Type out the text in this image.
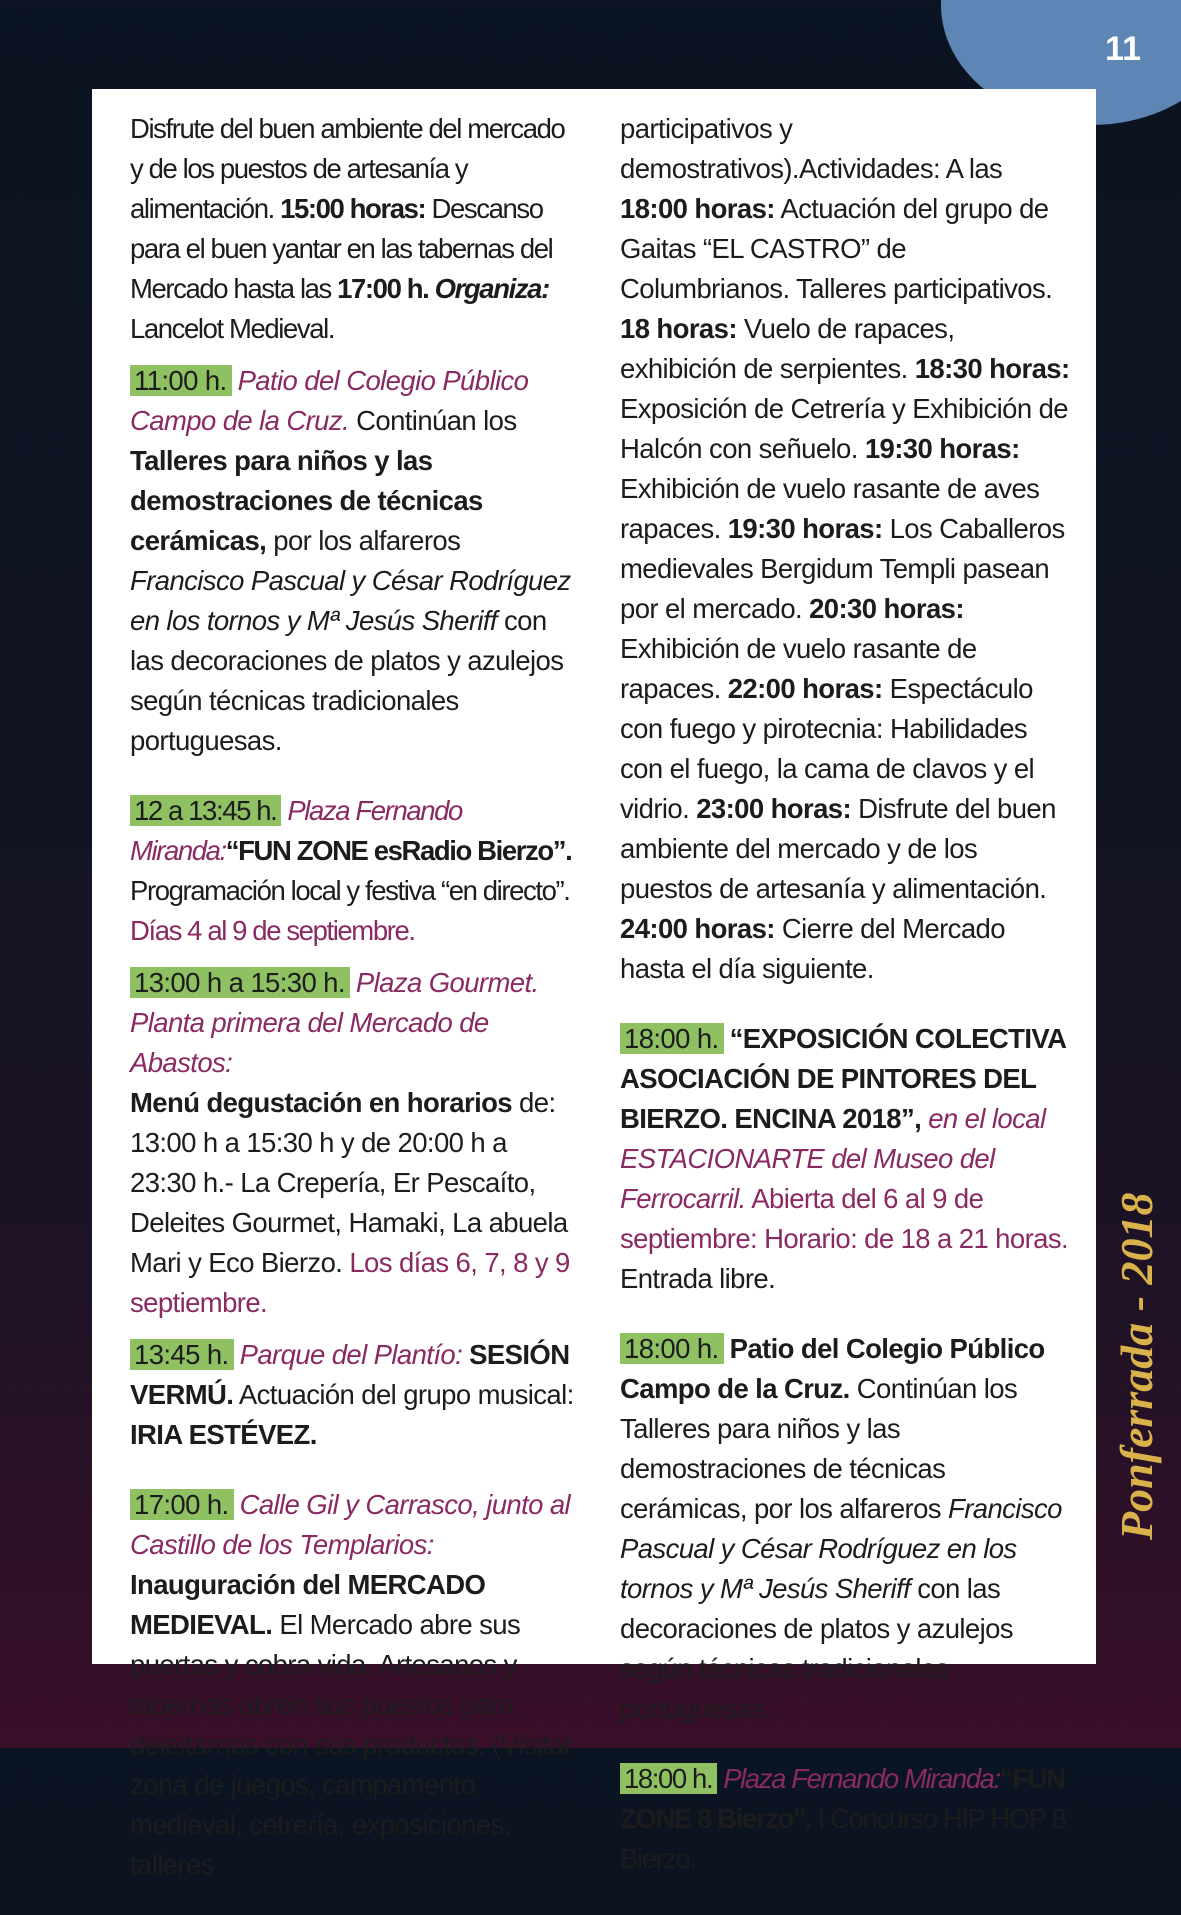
11

Disfrute del buen ambiente del mercado y de los puestos de artesanía y alimentación. 15:00 horas: Descanso para el buen yantar en las tabernas del Mercado hasta las 17:00 h. Organiza: Lancelot Medieval.

11:00 h. Patio del Colegio Público Campo de la Cruz. Continúan los Talleres para niños y las demostraciones de técnicas cerámicas, por los alfareros Francisco Pascual y César Rodríguez en los tornos y Mª Jesús Sheriff con las decoraciones de platos y azulejos según técnicas tradicionales portuguesas.

12 a 13:45 h. Plaza Fernando Miranda:“FUN ZONE esRadio Bierzo”. Programación local y festiva “en directo”. Días 4 al 9 de septiembre.

13:00 h a 15:30 h. Plaza Gourmet. Planta primera del Mercado de Abastos:
Menú degustación en horarios de: 13:00 h a 15:30 h y de 20:00 h a 23:30 h.- La Crepería, Er Pescaíto, Deleites Gourmet, Hamaki, La abuela Mari y Eco Bierzo. Los días 6, 7, 8 y 9 septiembre.

13:45 h. Parque del Plantío: SESIÓN VERMÚ. Actuación del grupo musical: IRIA ESTÉVEZ.

17:00 h. Calle Gil y Carrasco, junto al Castillo de los Templarios: Inauguración del MERCADO MEDIEVAL. El Mercado abre sus puertas y cobra vida. Artesanos y tabernas abren sus puestos para deleitarnos con sus productos. (Visitar zona de juegos, campamento medieval, cetrería, exposiciones, talleres

participativos y demostrativos).Actividades: A las 18:00 horas: Actuación del grupo de Gaitas “EL CASTRO” de Columbrianos. Talleres participativos. 18 horas: Vuelo de rapaces, exhibición de serpientes. 18:30 horas: Exposición de Cetrería y Exhibición de Halcón con señuelo. 19:30 horas: Exhibición de vuelo rasante de aves rapaces. 19:30 horas: Los Caballeros medievales Bergidum Templi pasean por el mercado. 20:30 horas: Exhibición de vuelo rasante de rapaces. 22:00 horas: Espectáculo con fuego y pirotecnia: Habilidades con el fuego, la cama de clavos y el vidrio. 23:00 horas: Disfrute del buen ambiente del mercado y de los puestos de artesanía y alimentación. 24:00 horas: Cierre del Mercado hasta el día siguiente.

18:00 h. “EXPOSICIÓN COLECTIVA ASOCIACIÓN DE PINTORES DEL BIERZO. ENCINA 2018”, en el local ESTACIONARTE del Museo del Ferrocarril. Abierta del 6 al 9 de septiembre: Horario: de 18 a 21 horas. Entrada libre.

18:00 h. Patio del Colegio Público Campo de la Cruz. Continúan los Talleres para niños y las demostraciones de técnicas cerámicas, por los alfareros Francisco Pascual y César Rodríguez en los tornos y Mª Jesús Sheriff con las decoraciones de platos y azulejos según técnicas tradicionales portuguesas.

18:00 h. Plaza Fernando Miranda:“FUN ZONE 8 Bierzo”. I Concurso HIP HOP 8 Bierzo.

Ponferrada - 2018
